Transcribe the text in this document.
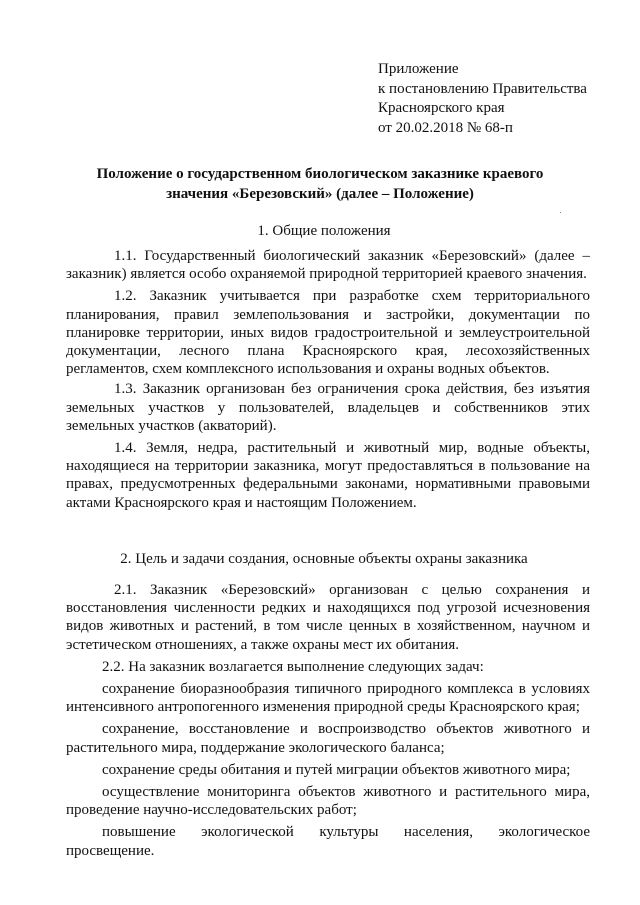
Приложение
к постановлению Правительства
Красноярского края
от 20.02.2018 № 68-п
Положение о государственном биологическом заказнике краевого
значения «Березовский» (далее – Положение)
1. Общие положения

1.1. Государственный биологический заказник «Березовский» (далее – заказник) является особо охраняемой природной территорией краевого значения.

1.2. Заказник учитывается при разработке схем территориального планирования, правил землепользования и застройки, документации по планировке территории, иных видов градостроительной и землеустроительной документации, лесного плана Красноярского края, лесохозяйственных регламентов, схем комплексного использования и охраны водных объектов.

1.3. Заказник организован без ограничения срока действия, без изъятия земельных участков у пользователей, владельцев и собственников этих земельных участков (акваторий).

1.4. Земля, недра, растительный и животный мир, водные объекты, находящиеся на территории заказника, могут предоставляться в пользование на правах, предусмотренных федеральными законами, нормативными правовыми актами Красноярского края и настоящим Положением.

2. Цель и задачи создания, основные объекты охраны заказника

2.1. Заказник «Березовский» организован с целью сохранения и восстановления численности редких и находящихся под угрозой исчезновения видов животных и растений, в том числе ценных в хозяйственном, научном и эстетическом отношениях, а также охраны мест их обитания.

2.2. На заказник возлагается выполнение следующих задач:

сохранение биоразнообразия типичного природного комплекса в условиях интенсивного антропогенного изменения природной среды Красноярского края;

сохранение, восстановление и воспроизводство объектов животного и растительного мира, поддержание экологического баланса;

сохранение среды обитания и путей миграции объектов животного мира;

осуществление мониторинга объектов животного и растительного мира, проведение научно-исследовательских работ;

повышение экологической культуры населения, экологическое просвещение.
